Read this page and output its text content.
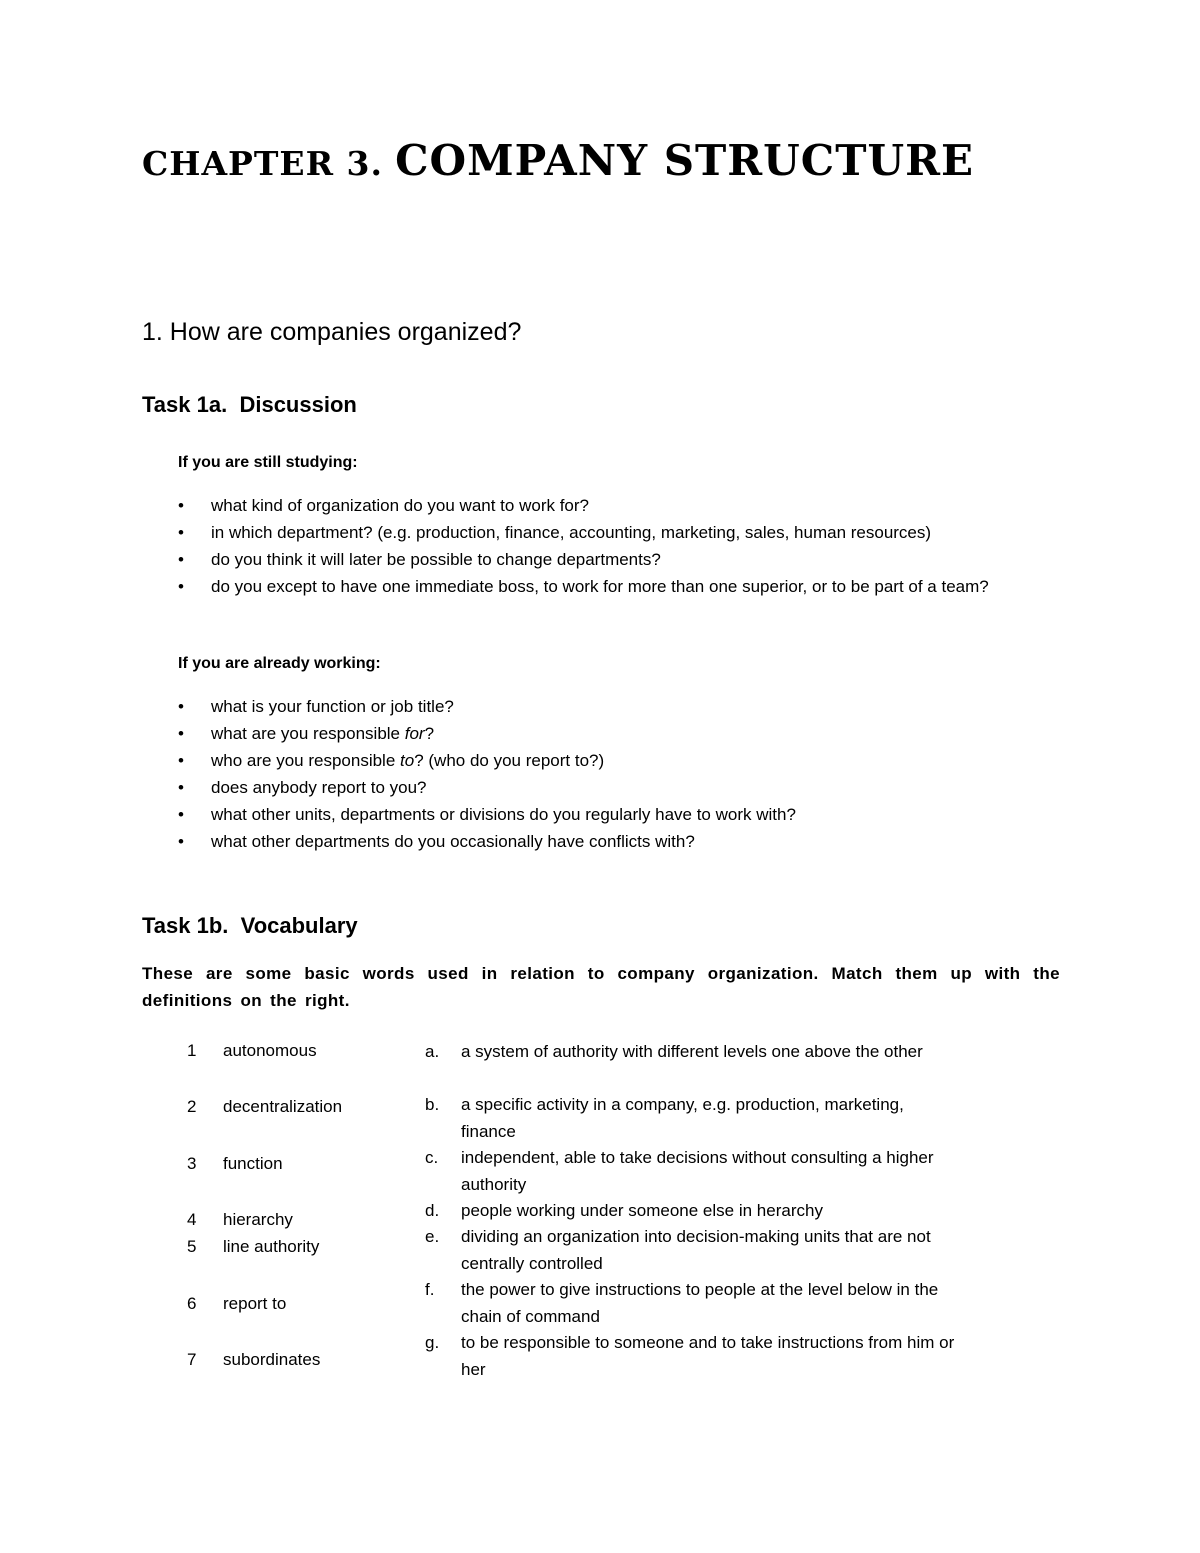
CHAPTER 3. COMPANY STRUCTURE
1. How are companies organized?
Task 1a. Discussion

If you are still studying:

• what kind of organization do you want to work for?
• in which department? (e.g. production, finance, accounting, marketing, sales, human resources)
• do you think it will later be possible to change departments?
• do you except to have one immediate boss, to work for more than one superior, or to be part of a team?

If you are already working:

• what is your function or job title?
• what are you responsible for?
• who are you responsible to? (who do you report to?)
• does anybody report to you?
• what other units, departments or divisions do you regularly have to work with?
• what other departments do you occasionally have conflicts with?
Task 1b. Vocabulary

These are some basic words used in relation to company organization. Match them up with the definitions on the right.

1 autonomous
2 decentralization
3 function
4 hierarchy
5 line authority
6 report to
7 subordinates
a.	a system of authority with different levels one above the other
b.	a specific activity in a company, e.g. production, marketing, finance
c.	independent, able to take decisions without consulting a higher authority
d.	people working under someone else in herarchy
e.	dividing an organization into decision-making units that are not centrally controlled
f.	the power to give instructions to people at the level below in the chain of command
g.	to be responsible to someone and to take instructions from him or her
